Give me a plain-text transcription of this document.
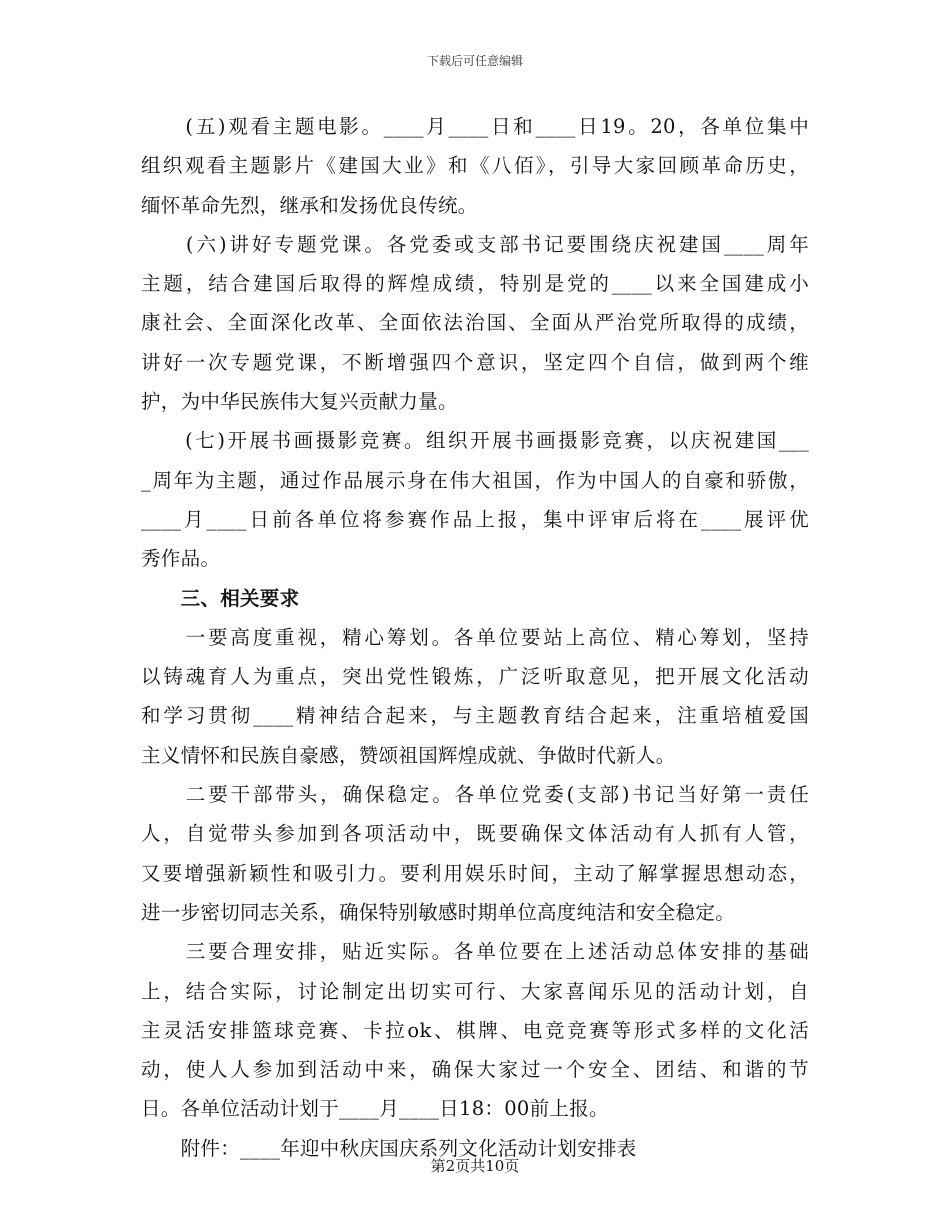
下载后可任意编辑
　　(五)观看主题电影。____月____日和____日19。20，各单位集中
组织观看主题影片《建国大业》和《八佰》，引导大家回顾革命历史，
缅怀革命先烈，继承和发扬优良传统。
　　(六)讲好专题党课。各党委或支部书记要围绕庆祝建国____周年
主题，结合建国后取得的辉煌成绩，特别是党的____以来全国建成小
康社会、全面深化改革、全面依法治国、全面从严治党所取得的成绩，
讲好一次专题党课，不断增强四个意识，坚定四个自信，做到两个维
护，为中华民族伟大复兴贡献力量。
　　(七)开展书画摄影竞赛。组织开展书画摄影竞赛，以庆祝建国___
_周年为主题，通过作品展示身在伟大祖国，作为中国人的自豪和骄傲，
____月____日前各单位将参赛作品上报，集中评审后将在____展评优
秀作品。
　　三、相关要求
　　一要高度重视，精心筹划。各单位要站上高位、精心筹划，坚持
以铸魂育人为重点，突出党性锻炼，广泛听取意见，把开展文化活动
和学习贯彻____精神结合起来，与主题教育结合起来，注重培植爱国
主义情怀和民族自豪感，赞颂祖国辉煌成就、争做时代新人。
　　二要干部带头，确保稳定。各单位党委(支部)书记当好第一责任
人，自觉带头参加到各项活动中，既要确保文体活动有人抓有人管，
又要增强新颖性和吸引力。要利用娱乐时间，主动了解掌握思想动态，
进一步密切同志关系，确保特别敏感时期单位高度纯洁和安全稳定。
　　三要合理安排，贴近实际。各单位要在上述活动总体安排的基础
上，结合实际，讨论制定出切实可行、大家喜闻乐见的活动计划，自
主灵活安排篮球竞赛、卡拉ok、棋牌、电竞竞赛等形式多样的文化活
动，使人人参加到活动中来，确保大家过一个安全、团结、和谐的节
日。各单位活动计划于____月____日18：00前上报。
　　附件：____年迎中秋庆国庆系列文化活动计划安排表
第2页共10页
